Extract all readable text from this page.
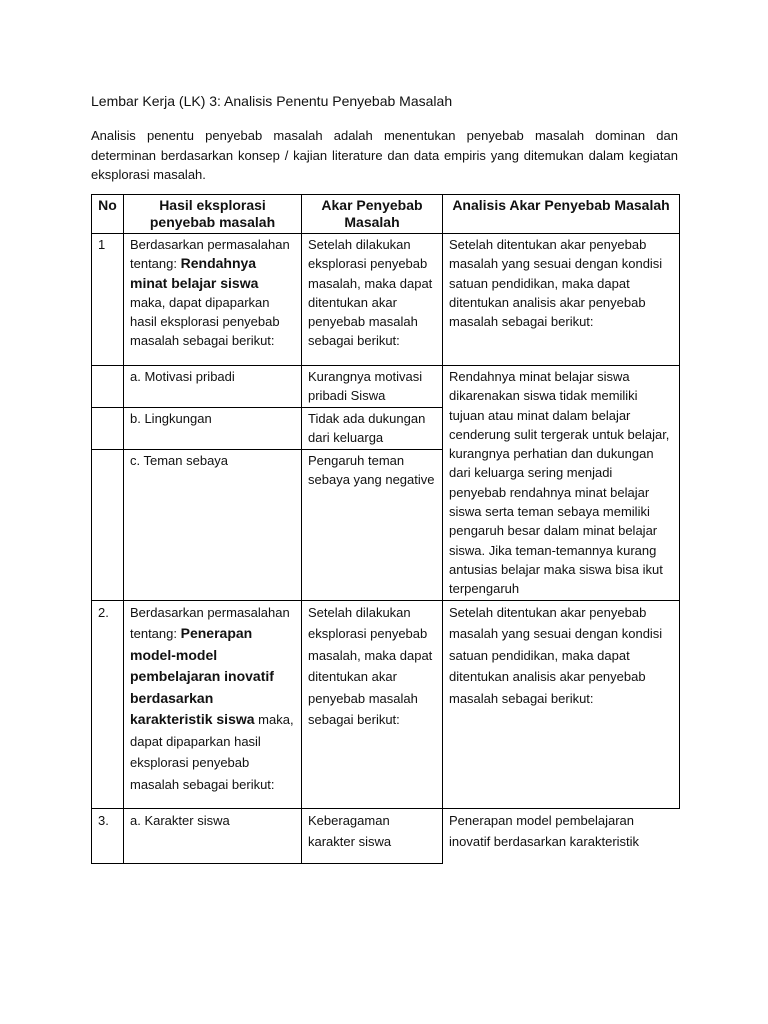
Lembar Kerja (LK) 3: Analisis Penentu Penyebab Masalah
Analisis penentu penyebab masalah adalah menentukan penyebab masalah dominan dan determinan berdasarkan konsep / kajian literature dan data empiris yang ditemukan dalam kegiatan eksplorasi masalah.
No	Hasil eksplorasi penyebab masalah	Akar Penyebab Masalah	Analisis Akar Penyebab Masalah
1	Berdasarkan permasalahan tentang: Rendahnya minat belajar siswa maka, dapat dipaparkan hasil eksplorasi penyebab masalah sebagai berikut:	Setelah dilakukan eksplorasi penyebab masalah, maka dapat ditentukan akar penyebab masalah sebagai berikut:	Setelah ditentukan akar penyebab masalah yang sesuai dengan kondisi satuan pendidikan, maka dapat ditentukan analisis akar penyebab masalah sebagai berikut:
	a. Motivasi pribadi	Kurangnya motivasi pribadi Siswa	Rendahnya minat belajar siswa dikarenakan siswa tidak memiliki tujuan atau minat dalam belajar cenderung sulit tergerak untuk belajar, kurangnya perhatian dan dukungan dari keluarga sering menjadi penyebab rendahnya minat belajar siswa serta teman sebaya memiliki pengaruh besar dalam minat belajar siswa. Jika teman-temannya kurang antusias belajar maka siswa bisa ikut terpengaruh
	b. Lingkungan	Tidak ada dukungan dari keluarga	
	c. Teman sebaya	Pengaruh teman sebaya yang negative	
2.	Berdasarkan permasalahan tentang: Penerapan model-model pembelajaran inovatif berdasarkan karakteristik siswa maka, dapat dipaparkan hasil eksplorasi penyebab masalah sebagai berikut:	Setelah dilakukan eksplorasi penyebab masalah, maka dapat ditentukan akar penyebab masalah sebagai berikut:	Setelah ditentukan akar penyebab masalah yang sesuai dengan kondisi satuan pendidikan, maka dapat ditentukan analisis akar penyebab masalah sebagai berikut:
3.	a. Karakter siswa	Keberagaman karakter siswa	Penerapan model pembelajaran inovatif berdasarkan karakteristik
